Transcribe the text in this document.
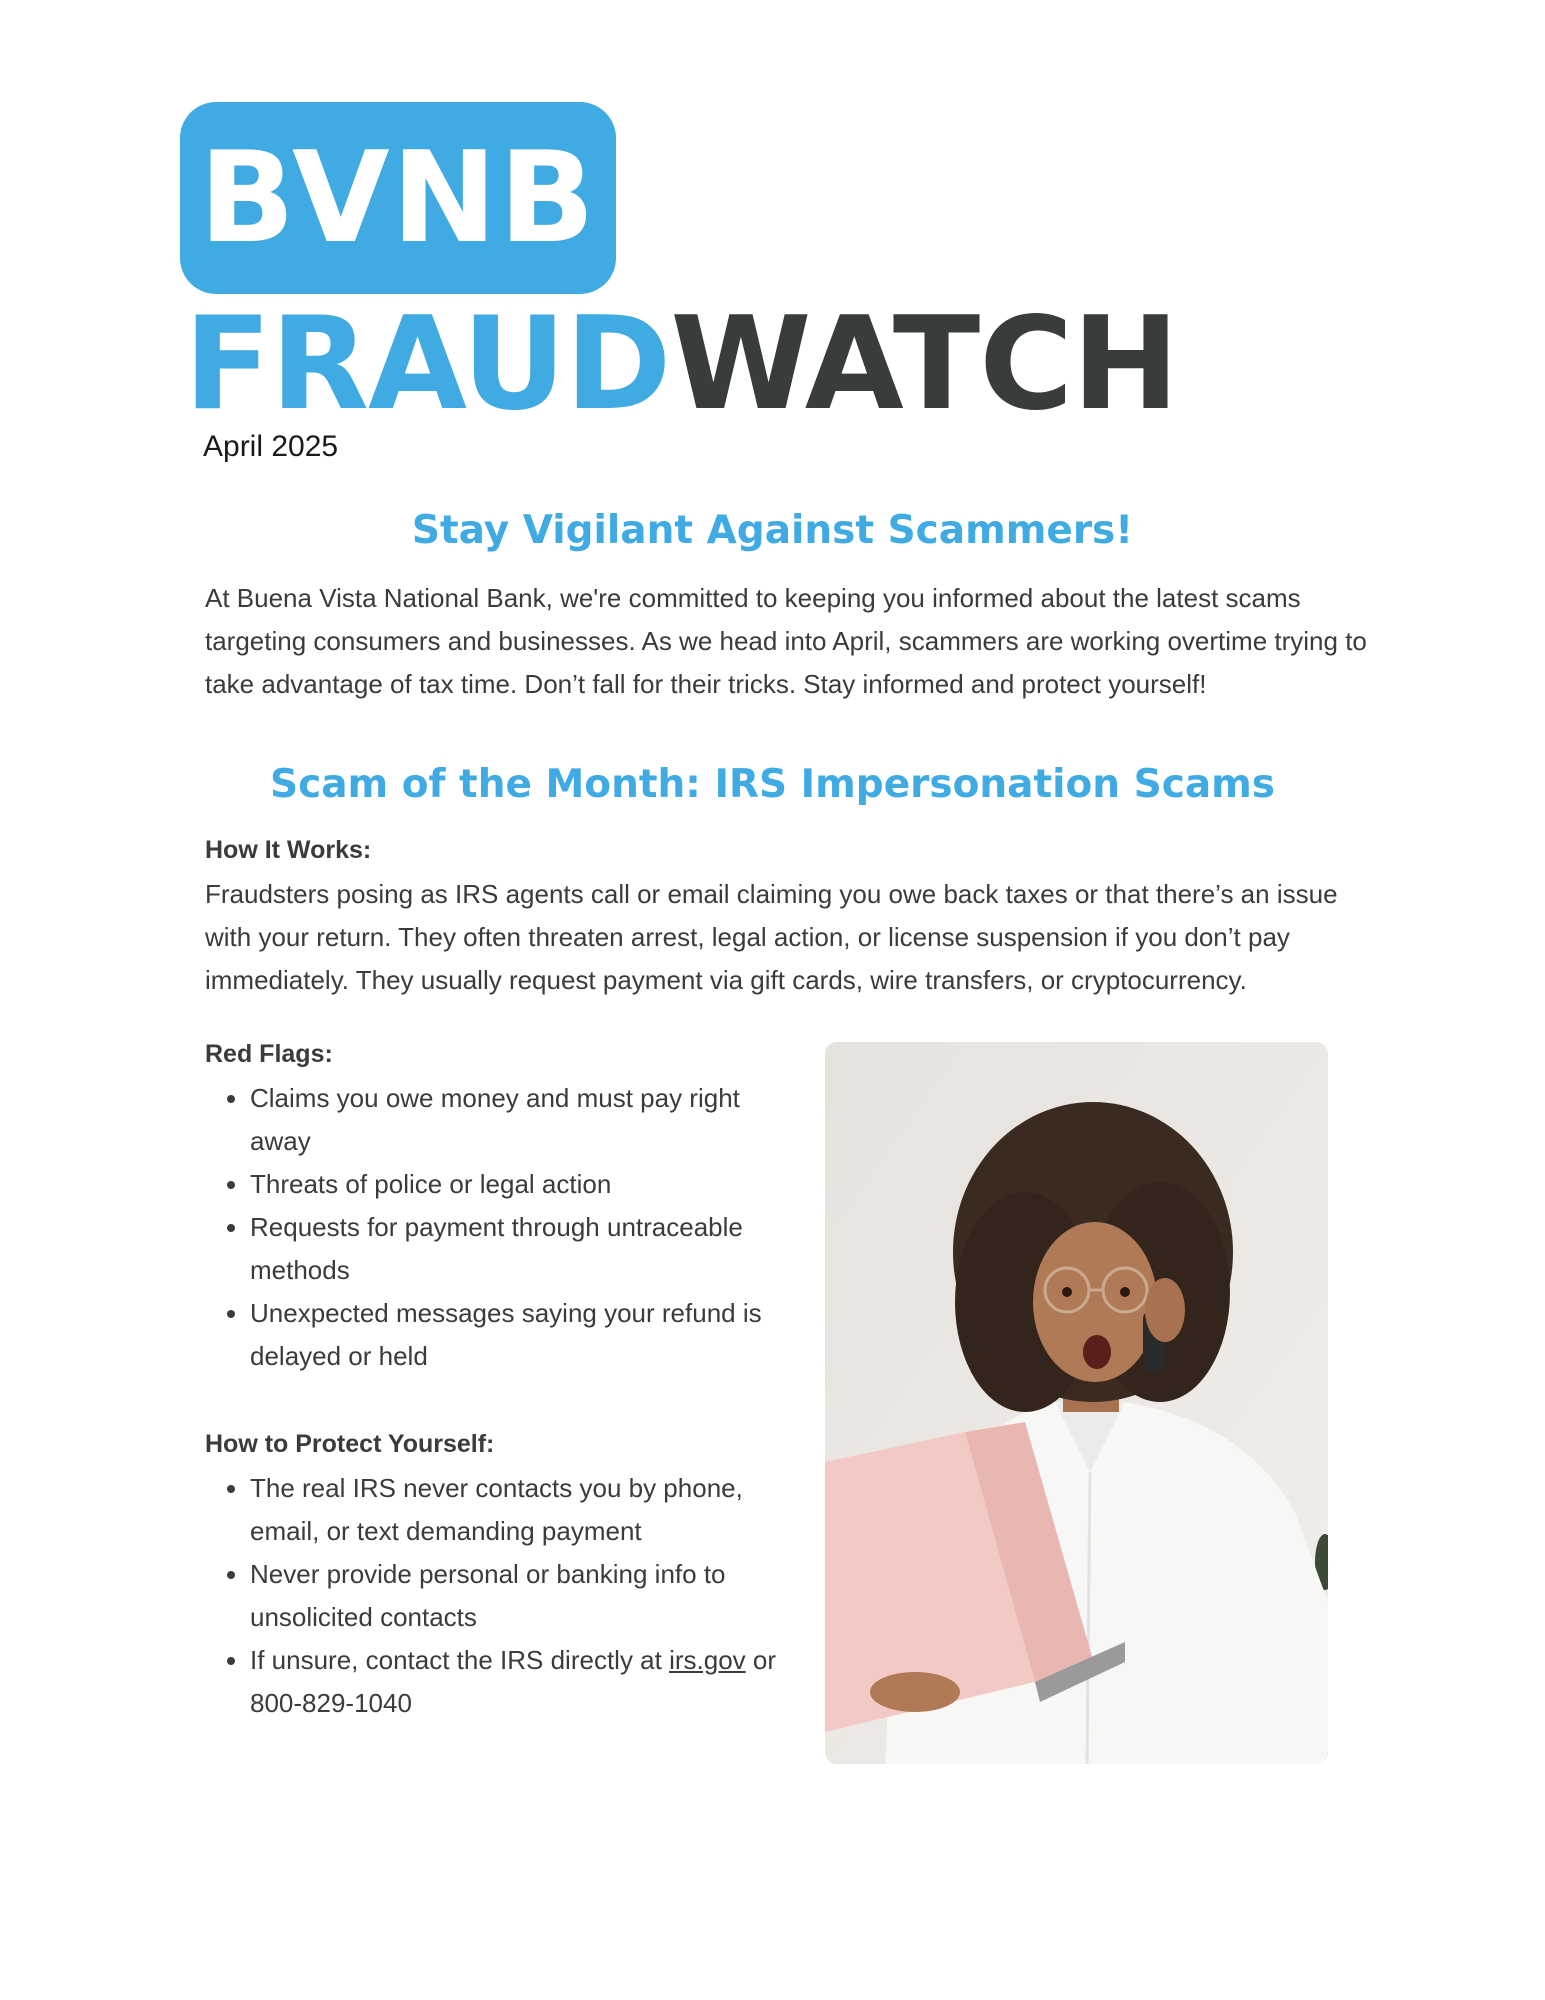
BVNB
FRAUDWATCH
April 2025
Stay Vigilant Against Scammers!
At Buena Vista National Bank, we're committed to keeping you informed about the latest scams targeting consumers and businesses. As we head into April, scammers are working overtime trying to take advantage of tax time. Don’t fall for their tricks. Stay informed and protect yourself!
Scam of the Month: IRS Impersonation Scams
How It Works:
Fraudsters posing as IRS agents call or email claiming you owe back taxes or that there’s an issue with your return. They often threaten arrest, legal action, or license suspension if you don’t pay immediately. They usually request payment via gift cards, wire transfers, or cryptocurrency.
Red Flags:
• Claims you owe money and must pay right away
• Threats of police or legal action
• Requests for payment through untraceable methods
• Unexpected messages saying your refund is delayed or held
How to Protect Yourself:
• The real IRS never contacts you by phone, email, or text demanding payment
• Never provide personal or banking info to unsolicited contacts
• If unsure, contact the IRS directly at irs.gov or 800-829-1040
